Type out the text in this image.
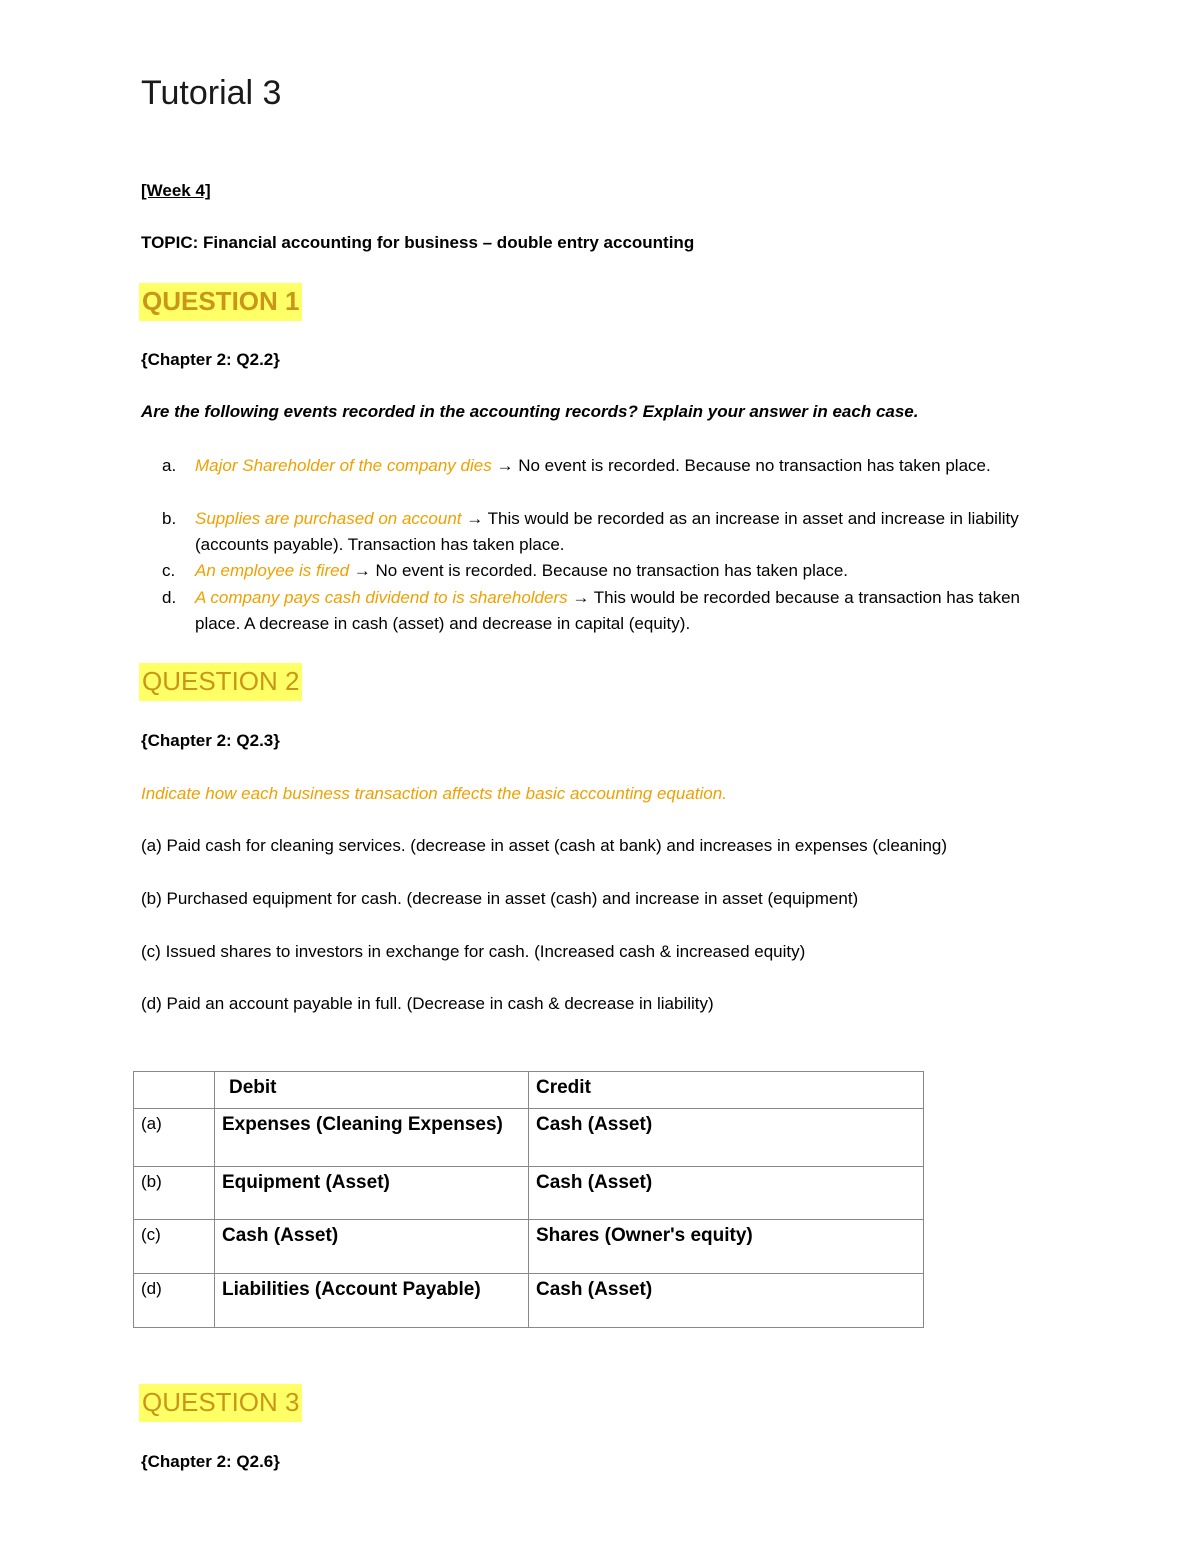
Tutorial 3
[Week 4]
TOPIC: Financial accounting for business – double entry accounting
QUESTION 1
{Chapter 2: Q2.2}
Are the following events recorded in the accounting records? Explain your answer in each case.
a. Major Shareholder of the company dies → No event is recorded. Because no transaction has taken place.
b. Supplies are purchased on account → This would be recorded as an increase in asset and increase in liability (accounts payable). Transaction has taken place.
c. An employee is fired → No event is recorded. Because no transaction has taken place.
d. A company pays cash dividend to is shareholders → This would be recorded because a transaction has taken place. A decrease in cash (asset) and decrease in capital (equity).
QUESTION 2
{Chapter 2: Q2.3}
Indicate how each business transaction affects the basic accounting equation.
(a) Paid cash for cleaning services. (decrease in asset (cash at bank) and increases in expenses (cleaning)
(b) Purchased equipment for cash. (decrease in asset (cash) and increase in asset (equipment)
(c) Issued shares to investors in exchange for cash. (Increased cash & increased equity)
(d) Paid an account payable in full. (Decrease in cash & decrease in liability)
	Debit	Credit
(a)	Expenses (Cleaning Expenses)	Cash (Asset)
(b)	Equipment (Asset)	Cash (Asset)
(c)	Cash (Asset)	Shares (Owner's equity)
(d)	Liabilities (Account Payable)	Cash (Asset)
QUESTION 3
{Chapter 2: Q2.6}
